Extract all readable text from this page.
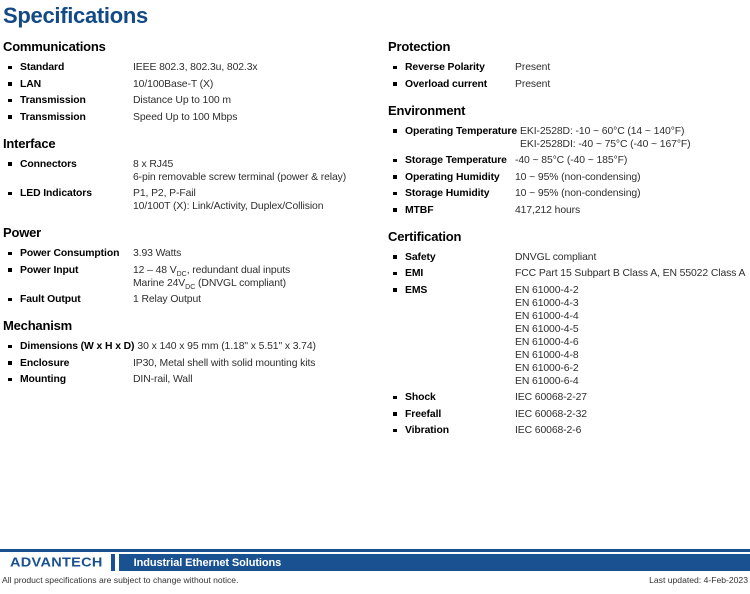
Specifications
Communications
Standard	IEEE 802.3, 802.3u, 802.3x
LAN	10/100Base-T (X)
Transmission	Distance Up to 100 m
Transmission	Speed Up to 100 Mbps
Interface
Connectors	8 x RJ45
6-pin removable screw terminal (power & relay)
LED Indicators	P1, P2, P-Fail
10/100T (X): Link/Activity, Duplex/Collision
Power
Power Consumption	3.93 Watts
Power Input	12 – 48 $V_{DC}$, redundant dual inputs
Marine $24V_{DC}$ (DNVGL compliant)
Fault Output	1 Relay Output
Mechanism
Dimensions (W x H x D) 30 x 140 x 95 mm (1.18" x 5.51" x 3.74)
Enclosure	IP30, Metal shell with solid mounting kits
Mounting	DIN-rail, Wall
Protection
Reverse Polarity	Present
Overload current	Present
Environment
Operating Temperature EKI-2528D: -10 ~ 60°C (14 ~ 140°F)
EKI-2528DI: -40 ~ 75°C (-40 ~ 167°F)
Storage Temperature -40 ~ 85°C (-40 ~ 185°F)
Operating Humidity	10 ~ 95% (non-condensing)
Storage Humidity	10 ~ 95% (non-condensing)
MTBF	417,212 hours
Certification
Safety	DNVGL compliant
EMI	FCC Part 15 Subpart B Class A, EN 55022 Class A
EMS	EN 61000-4-2
EN 61000-4-3
EN 61000-4-4
EN 61000-4-5
EN 61000-4-6
EN 61000-4-8
EN 61000-6-2
EN 61000-6-4
Shock	IEC 60068-2-27
Freefall	IEC 60068-2-32
Vibration	IEC 60068-2-6
ADVANTECH	Industrial Ethernet Solutions
All product specifications are subject to change without notice.	Last updated: 4-Feb-2023
